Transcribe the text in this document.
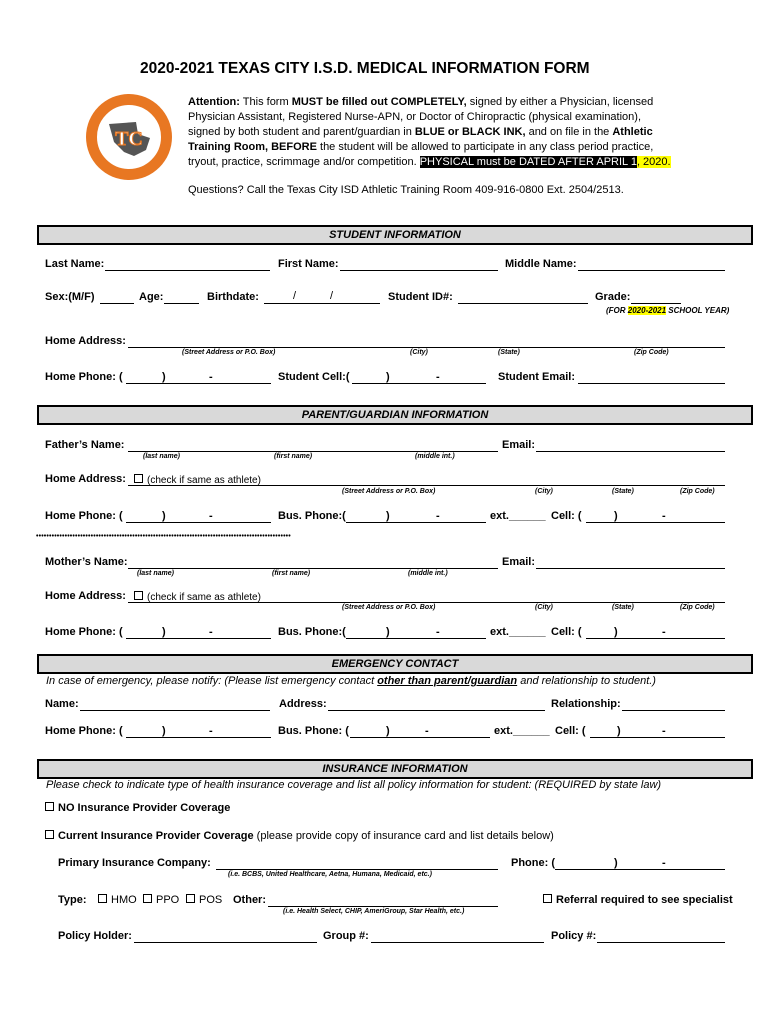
2020-2021 TEXAS CITY I.S.D. MEDICAL INFORMATION FORM
TC
Attention: This form MUST be filled out COMPLETELY, signed by either a Physician, licensed
Physician Assistant, Registered Nurse-APN, or Doctor of Chiropractic (physical examination),
signed by both student and parent/guardian in BLUE or BLACK INK, and on file in the Athletic
Training Room, BEFORE the student will be allowed to participate in any class period practice,
tryout, practice, scrimmage and/or competition. PHYSICAL must be DATED AFTER APRIL 1, 2020.
Questions? Call the Texas City ISD Athletic Training Room 409-916-0800 Ext. 2504/2513.
STUDENT INFORMATION
Last Name:	First Name:	Middle Name:
Sex:(M/F)	Age:	Birthdate:	/	/	Student ID#:	Grade:
(FOR 2020-2021 SCHOOL YEAR)
Home Address:
(Street Address or P.O. Box)	(City)	(State)	(Zip Code)
Home Phone: (	)	-	Student Cell:(	)	-	Student Email:
PARENT/GUARDIAN INFORMATION
Father’s Name:
(last name)	(first name)	(middle int.)
Email:
Home Address:	(check if same as athlete)
(Street Address or P.O. Box)	(City)	(State)	(Zip Code)
Home Phone: (	)	-	Bus. Phone:(	)	-	ext.______ Cell: (	)	-
••••••••••••••••••••••••••••••••••••••••••••••••••••••••••••••••••••••••••••••••••••••••••••••••••
Mother’s Name:
(last name)	(first name)	(middle int.)
Email:
Home Address:	(check if same as athlete)
(Street Address or P.O. Box)	(City)	(State)	(Zip Code)
Home Phone: (	)	-	Bus. Phone:(	)	-	ext.______ Cell: (	)	-
EMERGENCY CONTACT
In case of emergency, please notify: (Please list emergency contact other than parent/guardian and relationship to student.)
Name:	Address:	Relationship:
Home Phone: (	)	-	Bus. Phone: (	)	-	ext.______ Cell: (	)	-
INSURANCE INFORMATION
Please check to indicate type of health insurance coverage and list all policy information for student: (REQUIRED by state law)
NO Insurance Provider Coverage
Current Insurance Provider Coverage (please provide copy of insurance card and list details below)
Primary Insurance Company:
(i.e. BCBS, United Healthcare, Aetna, Humana, Medicaid, etc.)
Phone: (	)	-
Type:	HMO	PPO	POS Other:
(i.e. Health Select, CHIP, AmeriGroup, Star Health, etc.)
Referral required to see specialist
Policy Holder:	Group #:	Policy #:
